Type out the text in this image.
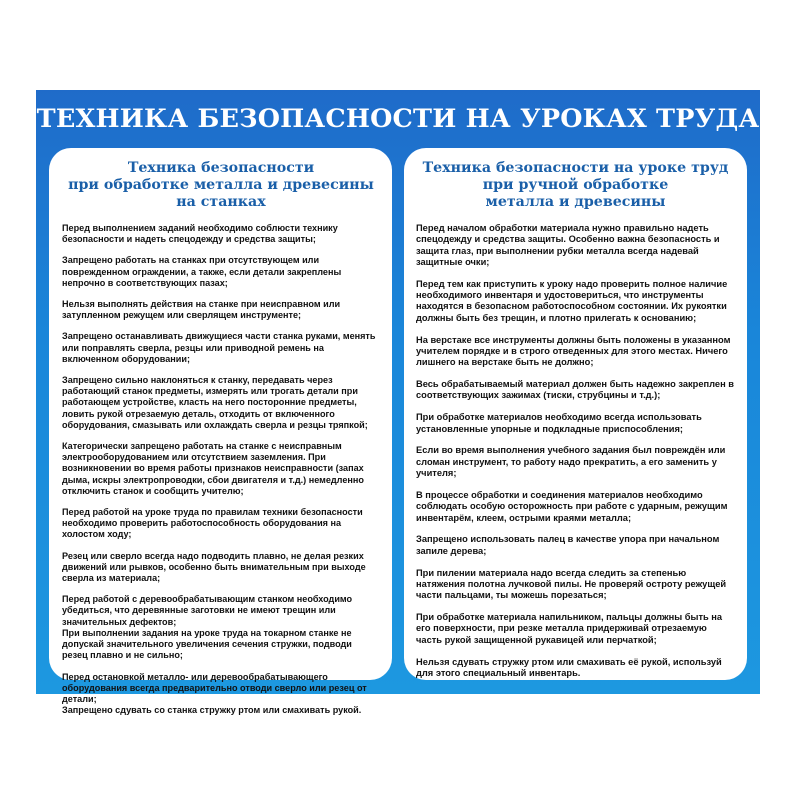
ТЕХНИКА БЕЗОПАСНОСТИ НА УРОКАХ ТРУДА
Техника безопасности
при обработке металла и древесины
на станках
Перед выполнением заданий необходимо соблюсти технику безопасности и надеть спецодежду и средства защиты;
Запрещено работать на станках при отсутствующем или поврежденном ограждении, а также, если детали закреплены непрочно в соответствующих пазах;
Нельзя выполнять действия на станке при неисправном или затупленном режущем или сверлящем инструменте;
Запрещено останавливать движущиеся части станка руками, менять или поправлять сверла, резцы или приводной ремень на включенном оборудовании;
Запрещено сильно наклоняться к станку, передавать через работающий станок предметы, измерять или трогать детали при работающем устройстве, класть на него посторонние предметы, ловить рукой отрезаемую деталь, отходить от включенного оборудования, смазывать или охлаждать сверла и резцы тряпкой;
Категорически запрещено работать на станке с неисправным электрооборудованием или отсутствием заземления. При возникновении во время работы признаков неисправности (запах дыма, искры электропроводки, сбои двигателя и т.д.) немедленно отключить станок и сообщить учителю;
Перед работой на уроке труда по правилам техники безопасности необходимо проверить работоспособность оборудования на холостом ходу;
Резец или сверло всегда надо подводить плавно, не делая резких движений или рывков, особенно быть внимательным при выходе сверла из материала;
Перед работой с деревообрабатывающим станком необходимо убедиться, что деревянные заготовки не имеют трещин или значительных дефектов;
При выполнении задания на уроке труда на токарном станке не допускай значительного увеличения сечения стружки, подводи резец плавно и не сильно;
Перед остановкой металло- или деревообрабатывающего оборудования всегда предварительно отводи сверло или резец от детали;
Запрещено сдувать со станка стружку ртом или смахивать рукой.
Техника безопасности на уроке труд
при ручной обработке
металла и древесины
Перед началом обработки материала нужно правильно надеть спецодежду и средства защиты. Особенно важна безопасность и защита глаз, при выполнении рубки металла всегда надевай защитные очки;
Перед тем как приступить к уроку надо проверить полное наличие необходимого инвентаря и удостовериться, что инструменты находятся в безопасном работоспособном состоянии. Их рукоятки должны быть без трещин, и плотно прилегать к основанию;
На верстаке все инструменты должны быть положены в указанном учителем порядке и в строго отведенных для этого местах. Ничего лишнего на верстаке быть не должно;
Весь обрабатываемый материал должен быть надежно закреплен в соответствующих зажимах (тиски, струбцины и т.д.);
При обработке материалов необходимо всегда использовать установленные упорные и подкладные приспособления;
Если во время выполнения учебного задания был повреждён или сломан инструмент, то работу надо прекратить, а его заменить у учителя;
В процессе обработки и соединения материалов необходимо соблюдать особую осторожность при работе с ударным, режущим инвентарём, клеем, острыми краями металла;
Запрещено использовать палец в качестве упора при начальном запиле дерева;
При пилении материала надо всегда следить за степенью натяжения полотна лучковой пилы. Не проверяй остроту режущей части пальцами, ты можешь порезаться;
При обработке материала напильником, пальцы должны быть на его поверхности, при резке металла придерживай отрезаемую часть рукой защищенной рукавицей или перчаткой;
Нельзя сдувать стружку ртом или смахивать её рукой, используй для этого специальный инвентарь.
